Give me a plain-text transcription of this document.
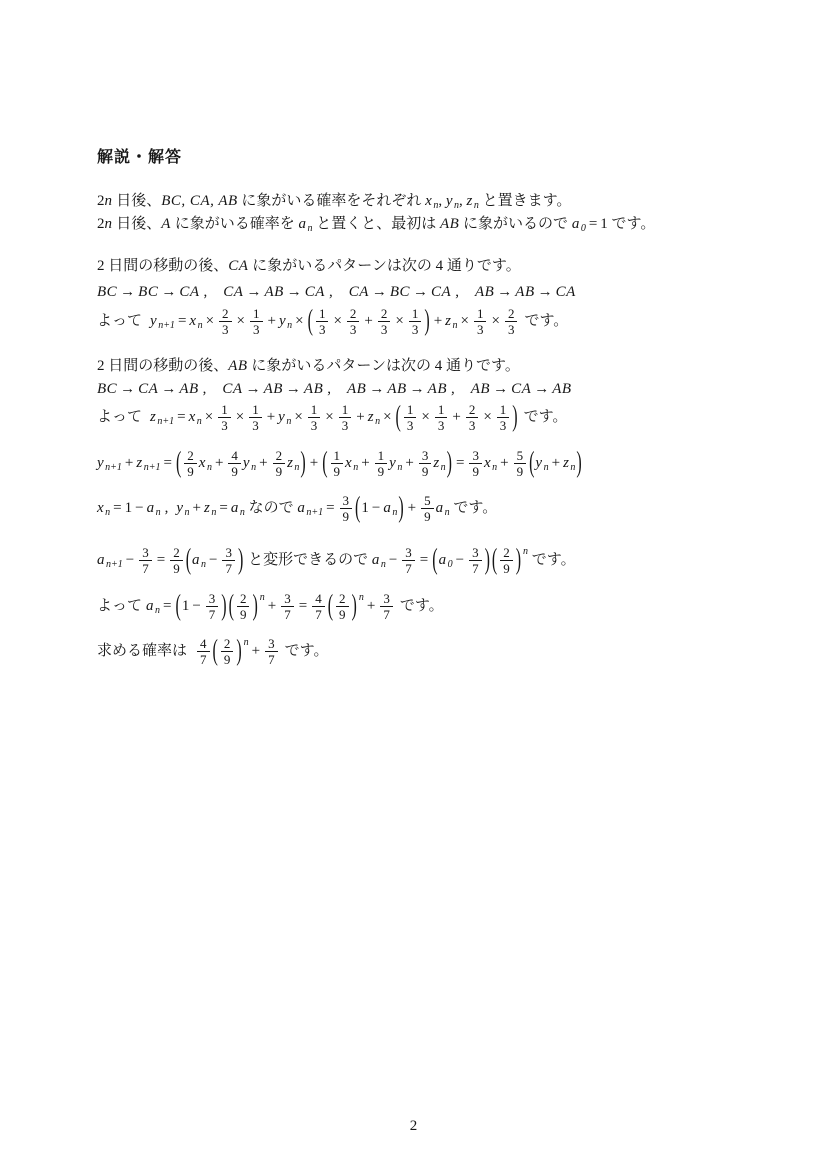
解説・解答
2n 日後、BC, CA, AB に象がいる確率をそれぞれ $x_n$, $y_n$, $z_n$ と置きます。
2n 日後、A に象がいる確率を $a_n$ と置くと、最初は AB に象がいるので $a_0 = 1$ です。
2 日間の移動の後、CA に象がいるパターンは次の 4 通りです。
BC → BC → CA , CA → AB → CA , CA → BC → CA , AB → AB → CA
よって $y_{n+1} = x_n \times \frac{2}{3} \times \frac{1}{3} + y_n$ × ( $\frac{1}{3} \times \frac{2}{3} + \frac{2}{3} \times \frac{1}{3}$ ) + $z_n \times \frac{1}{3} \times \frac{2}{3}$ です。
2 日間の移動の後、AB に象がいるパターンは次の 4 通りです。
BC → CA → AB , CA → AB → AB , AB → AB → AB , AB → CA → AB
よって $z_{n+1} = x_n \times \frac{1}{3} \times \frac{1}{3} + y_n \times \frac{1}{3} \times \frac{1}{3} + z_n$ × ( $\frac{1}{3} \times \frac{1}{3} + \frac{2}{3} \times \frac{1}{3}$ ) です。
$y_{n+1} + z_{n+1}$ = ( $\frac{2}{9} x_n + \frac{4}{9} y_n + \frac{2}{9} z_n$) + ( $\frac{1}{9} x_n + \frac{1}{9} y_n + \frac{3}{9} z_n) = \frac{3}{9} x_n + \frac{5}{9} (y_n + z_n)$
$x_n = 1 - a_n$ , $y_n + z_n = a_n$ なので $a_{n+1} = \frac{3}{9} (1 - a_n) + \frac{5}{9} a_n$ です。
$a_{n+1} - \frac{3}{7} = \frac{2}{9} (a_n - \frac{3}{7}$ ) と変形できるので $a_n - \frac{3}{7} = (a_0 - \frac{3}{7}$ ) ( $\frac{2}{9}$ ) $^n$ です。
よって $a_n = (1 - \frac{3}{7}$ ) ( $\frac{2}{9}$ ) $^n+ \frac{3}{7} = \frac{4}{7}$ ( $\frac{2}{9}$ ) $^n+ \frac{3}{7}$ です。
求める確率は $\frac{4}{7}$ ( $\frac{2}{9}$ ) $^n+ \frac{3}{7}$ です。
2
